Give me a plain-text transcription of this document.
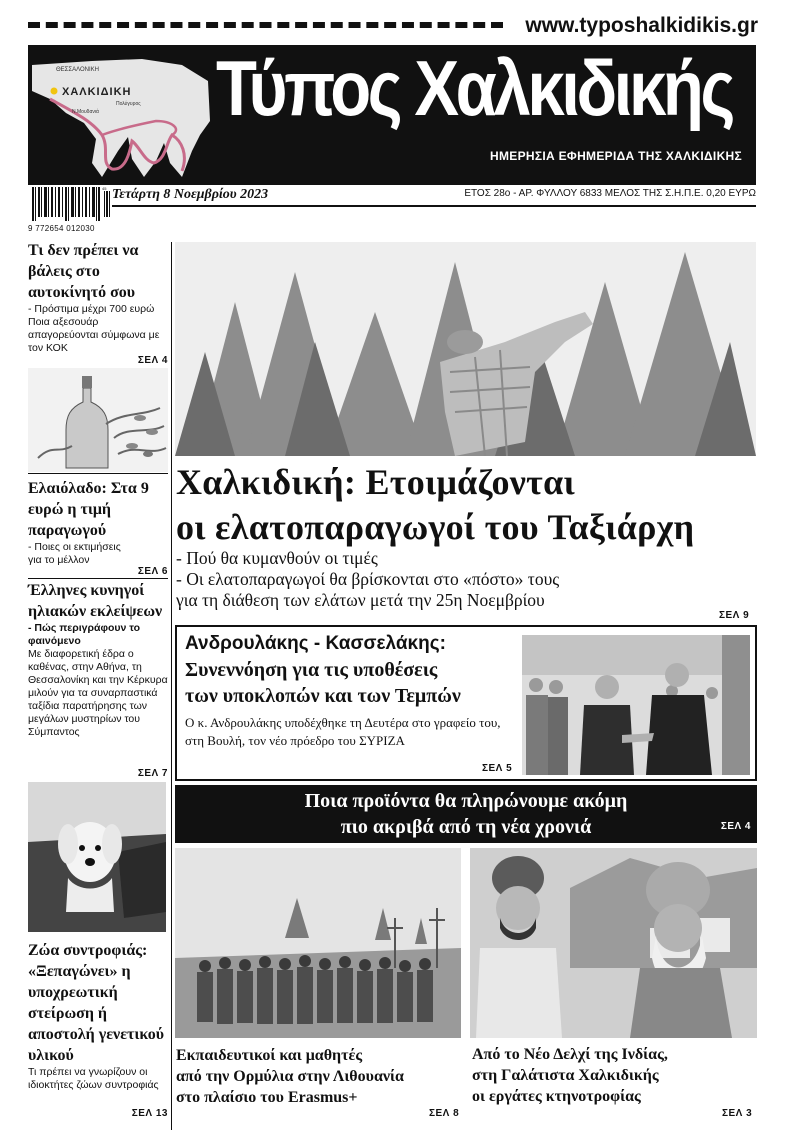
www.typoshalkidikis.gr
ΘΕΣΣΑΛΟΝΙΚΗ
ΧΑΛΚΙΔΙΚΗ
Πολύγυρος
Ν.Μουδανιά Τύπος Χαλκιδικής
ΗΜΕΡΗΣΙΑ ΕΦΗΜΕΡΙΔΑ ΤΗΣ ΧΑΛΚΙΔΙΚΗΣ
45
9 772654 012030
Τετάρτη 8 Νοεμβρίου 2023	ΕΤΟΣ 28ο - ΑΡ. ΦΥΛΛΟΥ 6833 ΜΕΛΟΣ ΤΗΣ Σ.Η.Π.Ε. 0,20 ΕΥΡΩ
Τι δεν πρέπει να βάλεις στο αυτοκίνητό σου
- Πρόστιμα μέχρι 700 ευρώ
Ποια αξεσουάρ απαγορεύονται σύμφωνα με τον ΚΟΚ
ΣΕΛ 4
Ελαιόλαδο: Στα 9 ευρώ η τιμή παραγωγού
- Ποιες οι εκτιμήσεις για το μέλλον
ΣΕΛ 6
Έλληνες κυνηγοί ηλιακών εκλείψεων
- Πώς περιγράφουν το φαινόμενο
Με διαφορετική έδρα ο καθένας, στην Αθήνα, τη Θεσσαλονίκη και την Κέρκυρα μιλούν για τα συναρπαστικά ταξίδια παρατήρησης των μεγάλων μυστηρίων του Σύμπαντος
ΣΕΛ 7
Ζώα συντροφιάς: «Ξεπαγώνει» η υποχρεωτική στείρωση ή αποστολή γενετικού υλικού
Τι πρέπει να γνωρίζουν οι ιδιοκτήτες ζώων συντροφιάς
ΣΕΛ 13
Χαλκιδική: Ετοιμάζονται
οι ελατοπαραγωγοί του Ταξιάρχη
- Πού θα κυμανθούν οι τιμές
- Οι ελατοπαραγωγοί θα βρίσκονται στο «πόστο» τους
για τη διάθεση των ελάτων μετά την 25η Νοεμβρίου
ΣΕΛ 9
Ανδρουλάκης - Κασσελάκης:
Συνεννόηση για τις υποθέσεις
των υποκλοπών και των Τεμπών
Ο κ. Ανδρουλάκης υποδέχθηκε τη Δευτέρα στο γραφείο του, στη Βουλή, τον νέο πρόεδρο του ΣΥΡΙΖΑ
ΣΕΛ 5
Ποια προϊόντα θα πληρώνουμε ακόμη
πιο ακριβά από τη νέα χρονιά	ΣΕΛ 4
Εκπαιδευτικοί και μαθητές
από την Ορμύλια στην Λιθουανία
στο πλαίσιο του Erasmus+
ΣΕΛ 8
Από το Νέο Δελχί της Ινδίας,
στη Γαλάτιστα Χαλκιδικής
οι εργάτες κτηνοτροφίας
ΣΕΛ 3
